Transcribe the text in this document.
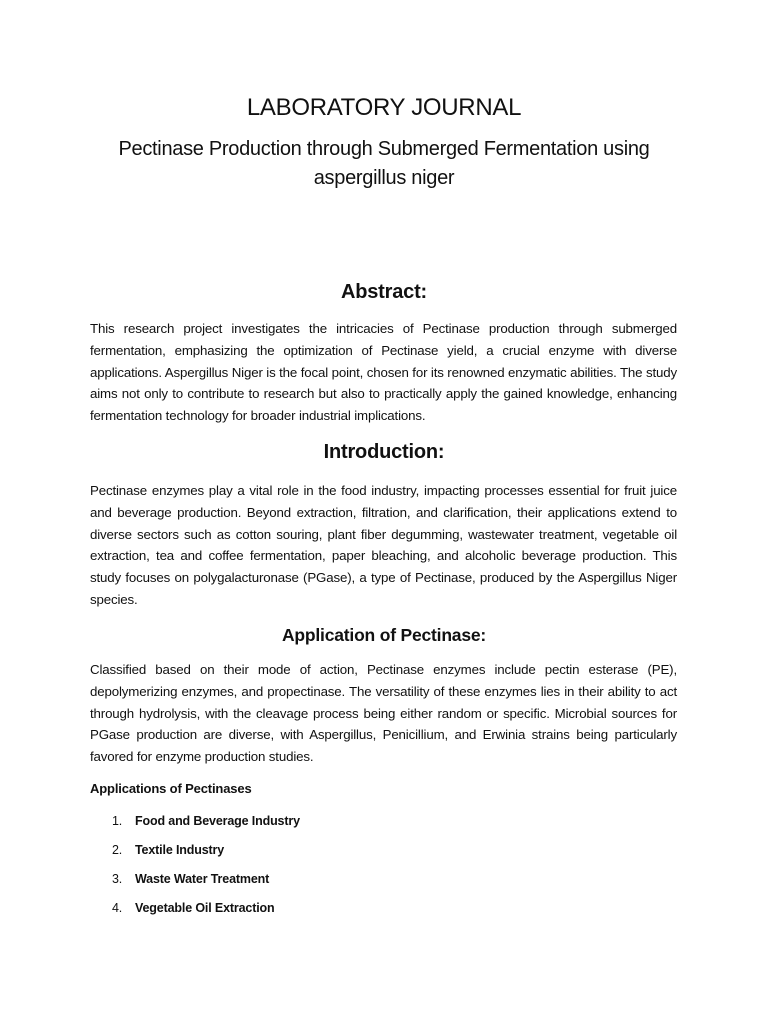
LABORATORY JOURNAL
Pectinase Production through Submerged Fermentation using aspergillus niger
Abstract:

This research project investigates the intricacies of Pectinase production through submerged fermentation, emphasizing the optimization of Pectinase yield, a crucial enzyme with diverse applications. Aspergillus Niger is the focal point, chosen for its renowned enzymatic abilities. The study aims not only to contribute to research but also to practically apply the gained knowledge, enhancing fermentation technology for broader industrial implications.

Introduction:

Pectinase enzymes play a vital role in the food industry, impacting processes essential for fruit juice and beverage production. Beyond extraction, filtration, and clarification, their applications extend to diverse sectors such as cotton souring, plant fiber degumming, wastewater treatment, vegetable oil extraction, tea and coffee fermentation, paper bleaching, and alcoholic beverage production. This study focuses on polygalacturonase (PGase), a type of Pectinase, produced by the Aspergillus Niger species.

Application of Pectinase:

Classified based on their mode of action, Pectinase enzymes include pectin esterase (PE), depolymerizing enzymes, and propectinase. The versatility of these enzymes lies in their ability to act through hydrolysis, with the cleavage process being either random or specific. Microbial sources for PGase production are diverse, with Aspergillus, Penicillium, and Erwinia strains being particularly favored for enzyme production studies.

Applications of Pectinases

1. Food and Beverage Industry
2. Textile Industry
3. Waste Water Treatment
4. Vegetable Oil Extraction
